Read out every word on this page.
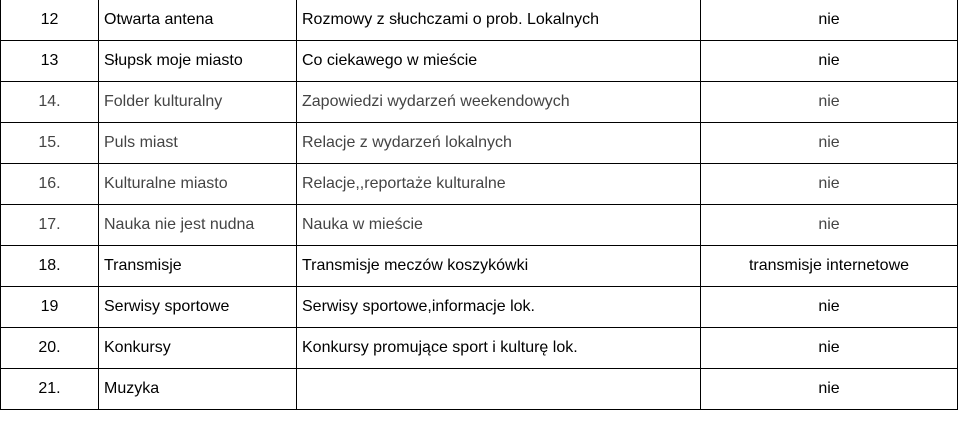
12	Otwarta antena	Rozmowy z słuchczami o prob. Lokalnych	nie
13	Słupsk moje miasto	Co ciekawego w mieście	nie
14.	Folder kulturalny	Zapowiedzi wydarzeń weekendowych	nie
15.	Puls miast	Relacje z wydarzeń lokalnych	nie
16.	Kulturalne miasto	Relacje,,reportaże kulturalne	nie
17.	Nauka nie jest nudna	Nauka w mieście	nie
18.	Transmisje	Transmisje meczów koszykówki	transmisje internetowe
19	Serwisy sportowe	Serwisy sportowe,informacje lok.	nie
20.	Konkursy	Konkursy promujące sport i kulturę lok.	nie
21.	Muzyka		nie
